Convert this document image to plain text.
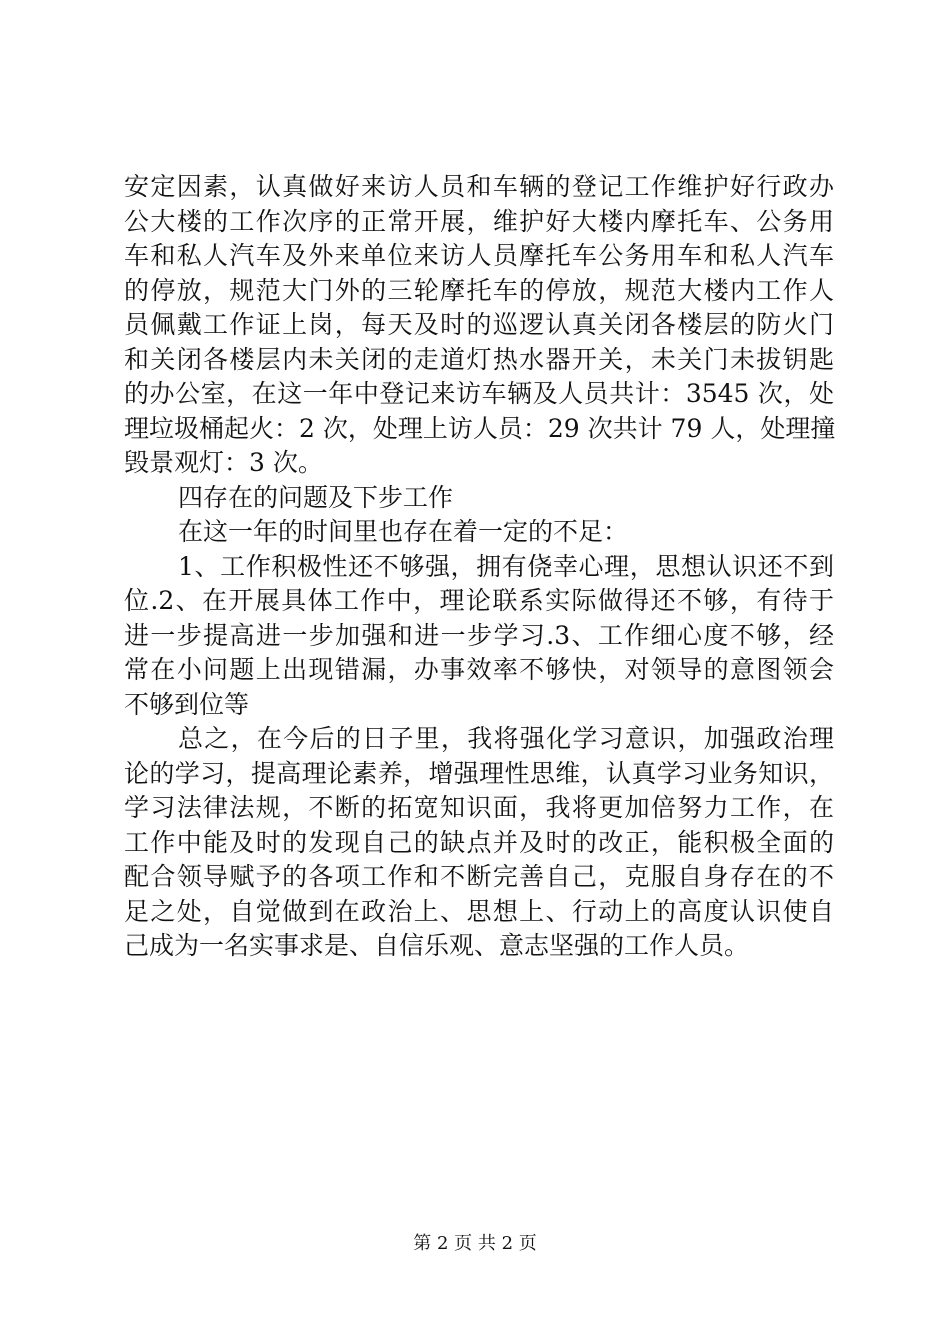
安定因素，认真做好来访人员和车辆的登记工作维护好行政办
公大楼的工作次序的正常开展，维护好大楼内摩托车、公务用
车和私人汽车及外来单位来访人员摩托车公务用车和私人汽车
的停放，规范大门外的三轮摩托车的停放，规范大楼内工作人
员佩戴工作证上岗，每天及时的巡逻认真关闭各楼层的防火门
和关闭各楼层内未关闭的走道灯热水器开关，未关门未拔钥匙
的办公室，在这一年中登记来访车辆及人员共计：3545 次，处
理垃圾桶起火：2 次，处理上访人员：29 次共计 79 人，处理撞
毁景观灯：3 次。
四存在的问题及下步工作
在这一年的时间里也存在着一定的不足：
1、工作积极性还不够强，拥有侥幸心理，思想认识还不到
位.2、在开展具体工作中，理论联系实际做得还不够，有待于
进一步提高进一步加强和进一步学习.3、工作细心度不够，经
常在小问题上出现错漏，办事效率不够快，对领导的意图领会
不够到位等
总之，在今后的日子里，我将强化学习意识，加强政治理
论的学习，提高理论素养，增强理性思维，认真学习业务知识，
学习法律法规，不断的拓宽知识面，我将更加倍努力工作，在
工作中能及时的发现自己的缺点并及时的改正，能积极全面的
配合领导赋予的各项工作和不断完善自己，克服自身存在的不
足之处，自觉做到在政治上、思想上、行动上的高度认识使自
己成为一名实事求是、自信乐观、意志坚强的工作人员。
第 2 页 共 2 页
